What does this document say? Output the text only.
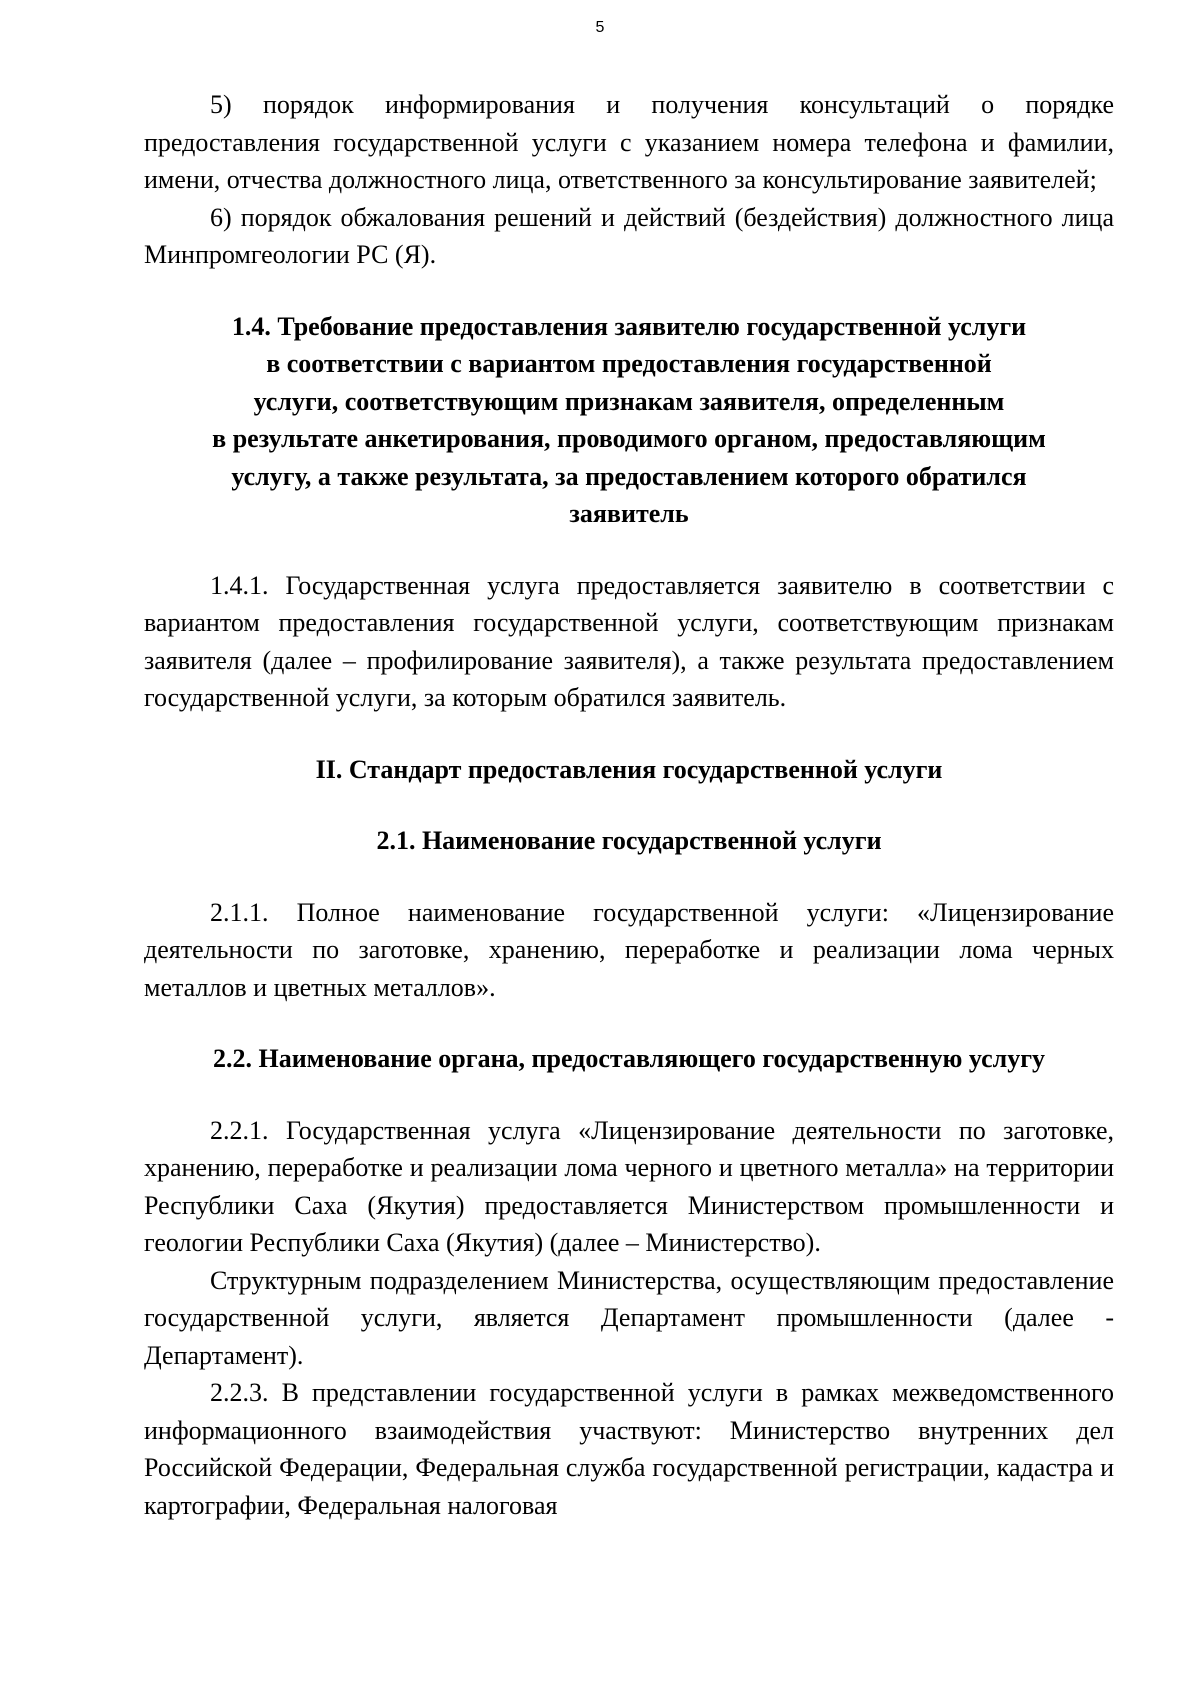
5

5) порядок информирования и получения консультаций о порядке предоставления государственной услуги с указанием номера телефона и фамилии, имени, отчества должностного лица, ответственного за консультирование заявителей;

6) порядок обжалования решений и действий (бездействия) должностного лица Минпромгеологии РС (Я).

1.4. Требование предоставления заявителю государственной услуги
в соответствии с вариантом предоставления государственной
услуги, соответствующим признакам заявителя, определенным
в результате анкетирования, проводимого органом, предоставляющим
услугу, а также результата, за предоставлением которого обратился
заявитель

1.4.1. Государственная услуга предоставляется заявителю в соответствии с вариантом предоставления государственной услуги, соответствующим признакам заявителя (далее – профилирование заявителя), а также результата предоставлением государственной услуги, за которым обратился заявитель.

II. Стандарт предоставления государственной услуги

2.1. Наименование государственной услуги

2.1.1. Полное наименование государственной услуги: «Лицензирование деятельности по заготовке, хранению, переработке и реализации лома черных металлов и цветных металлов».

2.2. Наименование органа, предоставляющего государственную услугу

2.2.1. Государственная услуга «Лицензирование деятельности по заготовке, хранению, переработке и реализации лома черного и цветного металла» на территории Республики Саха (Якутия) предоставляется Министерством промышленности и геологии Республики Саха (Якутия) (далее – Министерство).

Структурным подразделением Министерства, осуществляющим предоставление государственной услуги, является Департамент промышленности (далее - Департамент).

2.2.3. В представлении государственной услуги в рамках межведомственного информационного взаимодействия участвуют: Министерство внутренних дел Российской Федерации, Федеральная служба государственной регистрации, кадастра и картографии, Федеральная налоговая
